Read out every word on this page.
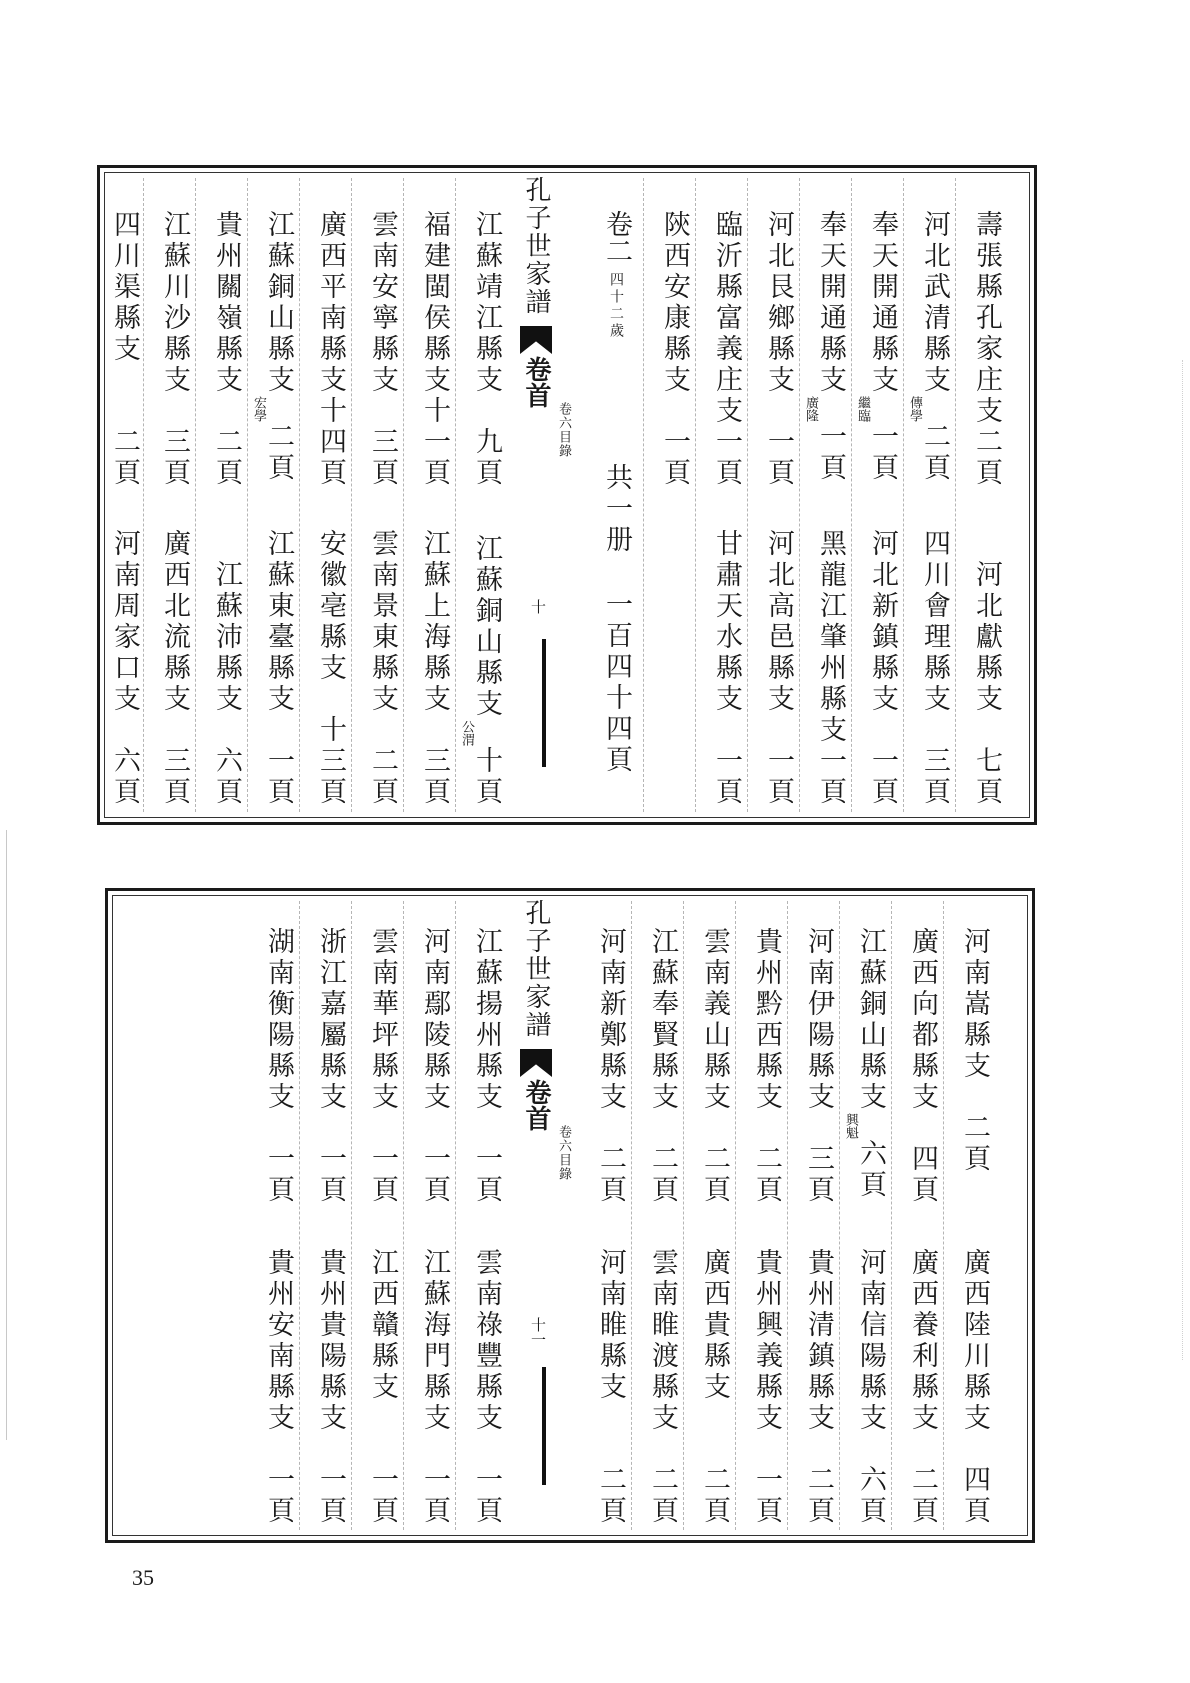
壽張縣孔家庄支二頁
河北獻縣支　七頁
河北武清縣支傳學二頁
四川會理縣支　三頁
奉天開通縣支繼臨一頁
河北新鎮縣支　一頁
奉天開通縣支廣隆一頁
黑龍江肇州縣支一頁
河北艮鄉縣支　一頁
河北高邑縣支　一頁
臨沂縣富義庄支一頁
甘肅天水縣支　一頁
陝西安康縣支　一頁
卷二
四十二歲
共一册
一百四十四頁
孔子世家譜
卷首
卷六目錄
十
江蘇靖江縣支　九頁
江蘇銅山縣支公渭十頁
福建閩侯縣支十一頁
江蘇上海縣支　三頁
雲南安寧縣支　三頁
雲南景東縣支　二頁
廣西平南縣支十四頁
安徽亳縣支　十三頁
江蘇銅山縣支宏學二頁
江蘇東臺縣支　一頁
貴州關嶺縣支　二頁
江蘇沛縣支　六頁
江蘇川沙縣支　三頁
廣西北流縣支　三頁
四川渠縣支　　二頁
河南周家口支　六頁
河南嵩縣支　二頁
廣西陸川縣支　四頁
廣西向都縣支　四頁
廣西養利縣支　二頁
江蘇銅山縣支興魁六頁
河南信陽縣支　六頁
河南伊陽縣支　三頁
貴州清鎮縣支　二頁
貴州黔西縣支　二頁
貴州興義縣支　一頁
雲南義山縣支　二頁
廣西貴縣支　　二頁
江蘇奉賢縣支　二頁
雲南睢渡縣支　二頁
河南新鄭縣支　二頁
河南睢縣支　　二頁
孔子世家譜
卷首
卷六目錄
十一
江蘇揚州縣支　一頁
雲南祿豐縣支　一頁
河南鄢陵縣支　一頁
江蘇海門縣支　一頁
雲南華坪縣支　一頁
江西贛縣支　　一頁
浙江嘉屬縣支　一頁
貴州貴陽縣支　一頁
湖南衡陽縣支　一頁
貴州安南縣支　一頁
35
